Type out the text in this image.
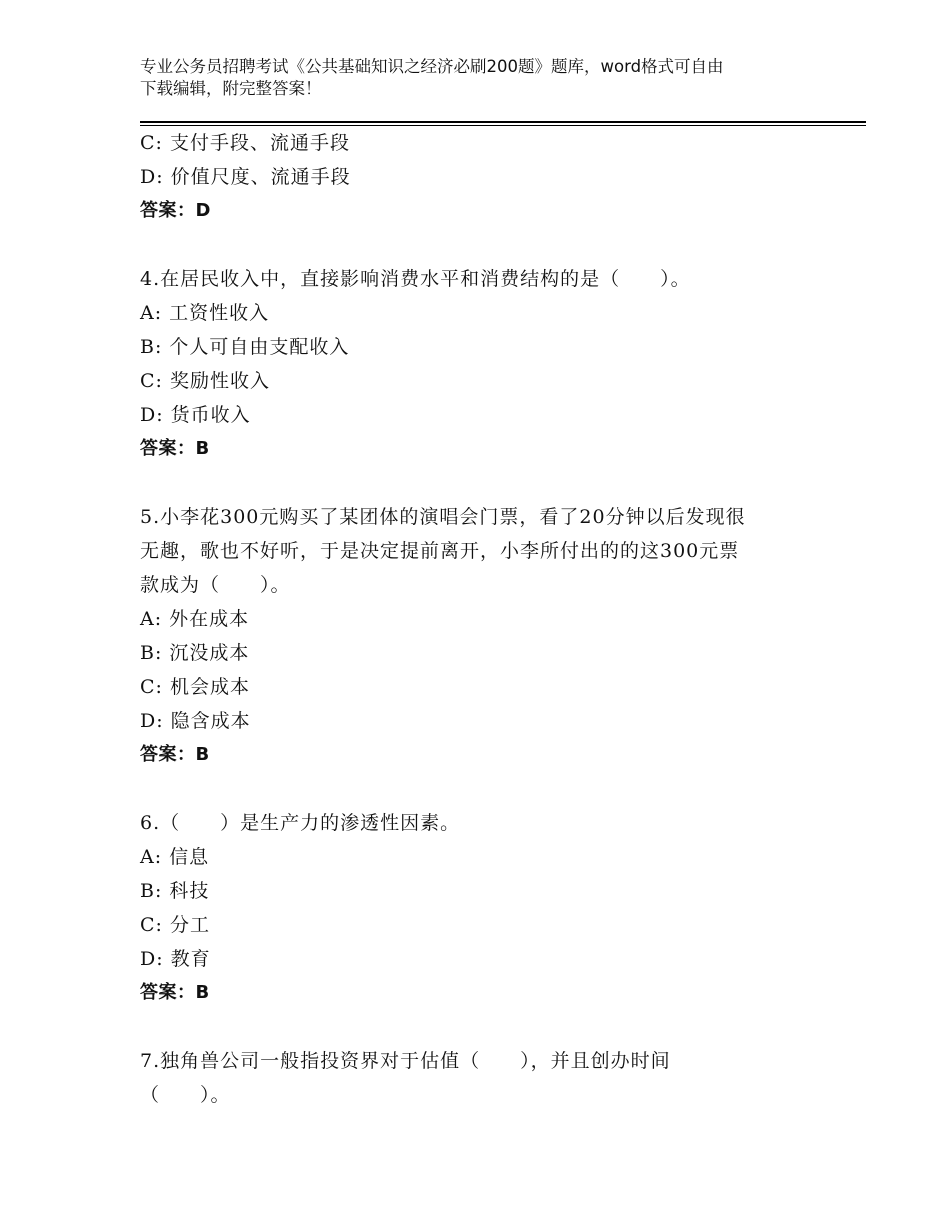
专业公务员招聘考试《公共基础知识之经济必刷200题》题库，word格式可自由
下载编辑，附完整答案！
C: 支付手段、流通手段
D: 价值尺度、流通手段
答案：D
4.在居民收入中，直接影响消费水平和消费结构的是（　　）。
A: 工资性收入
B: 个人可自由支配收入
C: 奖励性收入
D: 货币收入
答案：B
5.小李花300元购买了某团体的演唱会门票，看了20分钟以后发现很
无趣，歌也不好听，于是决定提前离开，小李所付出的的这300元票
款成为（　　）。
A: 外在成本
B: 沉没成本
C: 机会成本
D: 隐含成本
答案：B
6.（　　）是生产力的渗透性因素。
A: 信息
B: 科技
C: 分工
D: 教育
答案：B
7.独角兽公司一般指投资界对于估值（　　），并且创办时间
（　　）。
